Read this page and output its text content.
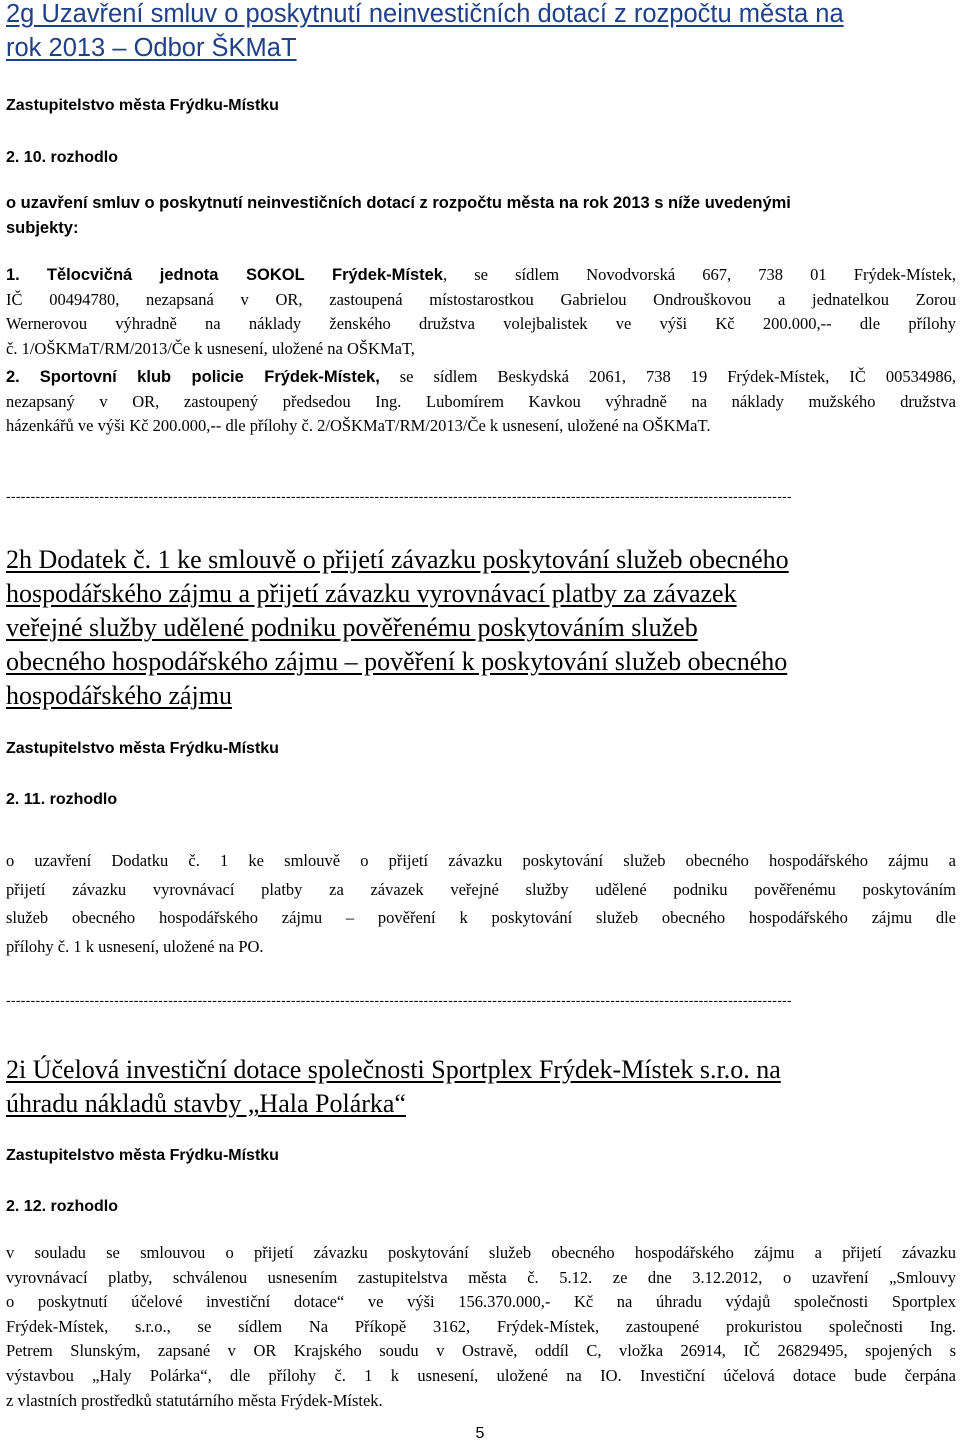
2g Uzavření smluv o poskytnutí neinvestičních dotací z rozpočtu města na
rok 2013 – Odbor ŠKMaT
Zastupitelstvo města Frýdku-Místku
2. 10. rozhodlo
o uzavření smluv o poskytnutí neinvestičních dotací z rozpočtu města na rok 2013 s níže uvedenými
subjekty:
1. Tělocvičná jednota SOKOL Frýdek-Místek, se sídlem Novodvorská 667, 738 01 Frýdek-Místek,
IČ 00494780, nezapsaná v OR, zastoupená místostarostkou Gabrielou Ondrouškovou a jednatelkou Zorou
Wernerovou výhradně na náklady ženského družstva volejbalistek ve výši Kč 200.000,-- dle přílohy
č. 1/OŠKMaT/RM/2013/Če k usnesení, uložené na OŠKMaT,
2. Sportovní klub policie Frýdek-Místek, se sídlem Beskydská 2061, 738 19 Frýdek-Místek, IČ 00534986,
nezapsaný v OR, zastoupený předsedou Ing. Lubomírem Kavkou výhradně na náklady mužského družstva
házenkářů ve výši Kč 200.000,-- dle přílohy č. 2/OŠKMaT/RM/2013/Če k usnesení, uložené na OŠKMaT.
----------------------------------------------------------------------------------------------------------------------------------------------------------------
2h Dodatek č. 1 ke smlouvě o přijetí závazku poskytování služeb obecného
hospodářského zájmu a přijetí závazku vyrovnávací platby za závazek
veřejné služby udělené podniku pověřenému poskytováním služeb
obecného hospodářského zájmu – pověření k poskytování služeb obecného
hospodářského zájmu
Zastupitelstvo města Frýdku-Místku
2. 11. rozhodlo
o uzavření Dodatku č. 1 ke smlouvě o přijetí závazku poskytování služeb obecného hospodářského zájmu a
přijetí závazku vyrovnávací platby za závazek veřejné služby udělené podniku pověřenému poskytováním
služeb obecného hospodářského zájmu – pověření k poskytování služeb obecného hospodářského zájmu dle
přílohy č. 1 k usnesení, uložené na PO.
----------------------------------------------------------------------------------------------------------------------------------------------------------------
2i Účelová investiční dotace společnosti Sportplex Frýdek-Místek s.r.o. na
úhradu nákladů stavby „Hala Polárka“
Zastupitelstvo města Frýdku-Místku
2. 12. rozhodlo
v souladu se smlouvou o přijetí závazku poskytování služeb obecného hospodářského zájmu a přijetí závazku
vyrovnávací platby, schválenou usnesením zastupitelstva města č. 5.12. ze dne 3.12.2012, o uzavření „Smlouvy
o poskytnutí účelové investiční dotace“ ve výši 156.370.000,- Kč na úhradu výdajů společnosti Sportplex
Frýdek-Místek, s.r.o., se sídlem Na Příkopě 3162, Frýdek-Místek, zastoupené prokuristou společnosti Ing.
Petrem Slunským, zapsané v OR Krajského soudu v Ostravě, oddíl C, vložka 26914, IČ 26829495, spojených s
výstavbou „Haly Polárka“, dle přílohy č. 1 k usnesení, uložené na IO. Investiční účelová dotace bude čerpána
z vlastních prostředků statutárního města Frýdek-Místek.
5
